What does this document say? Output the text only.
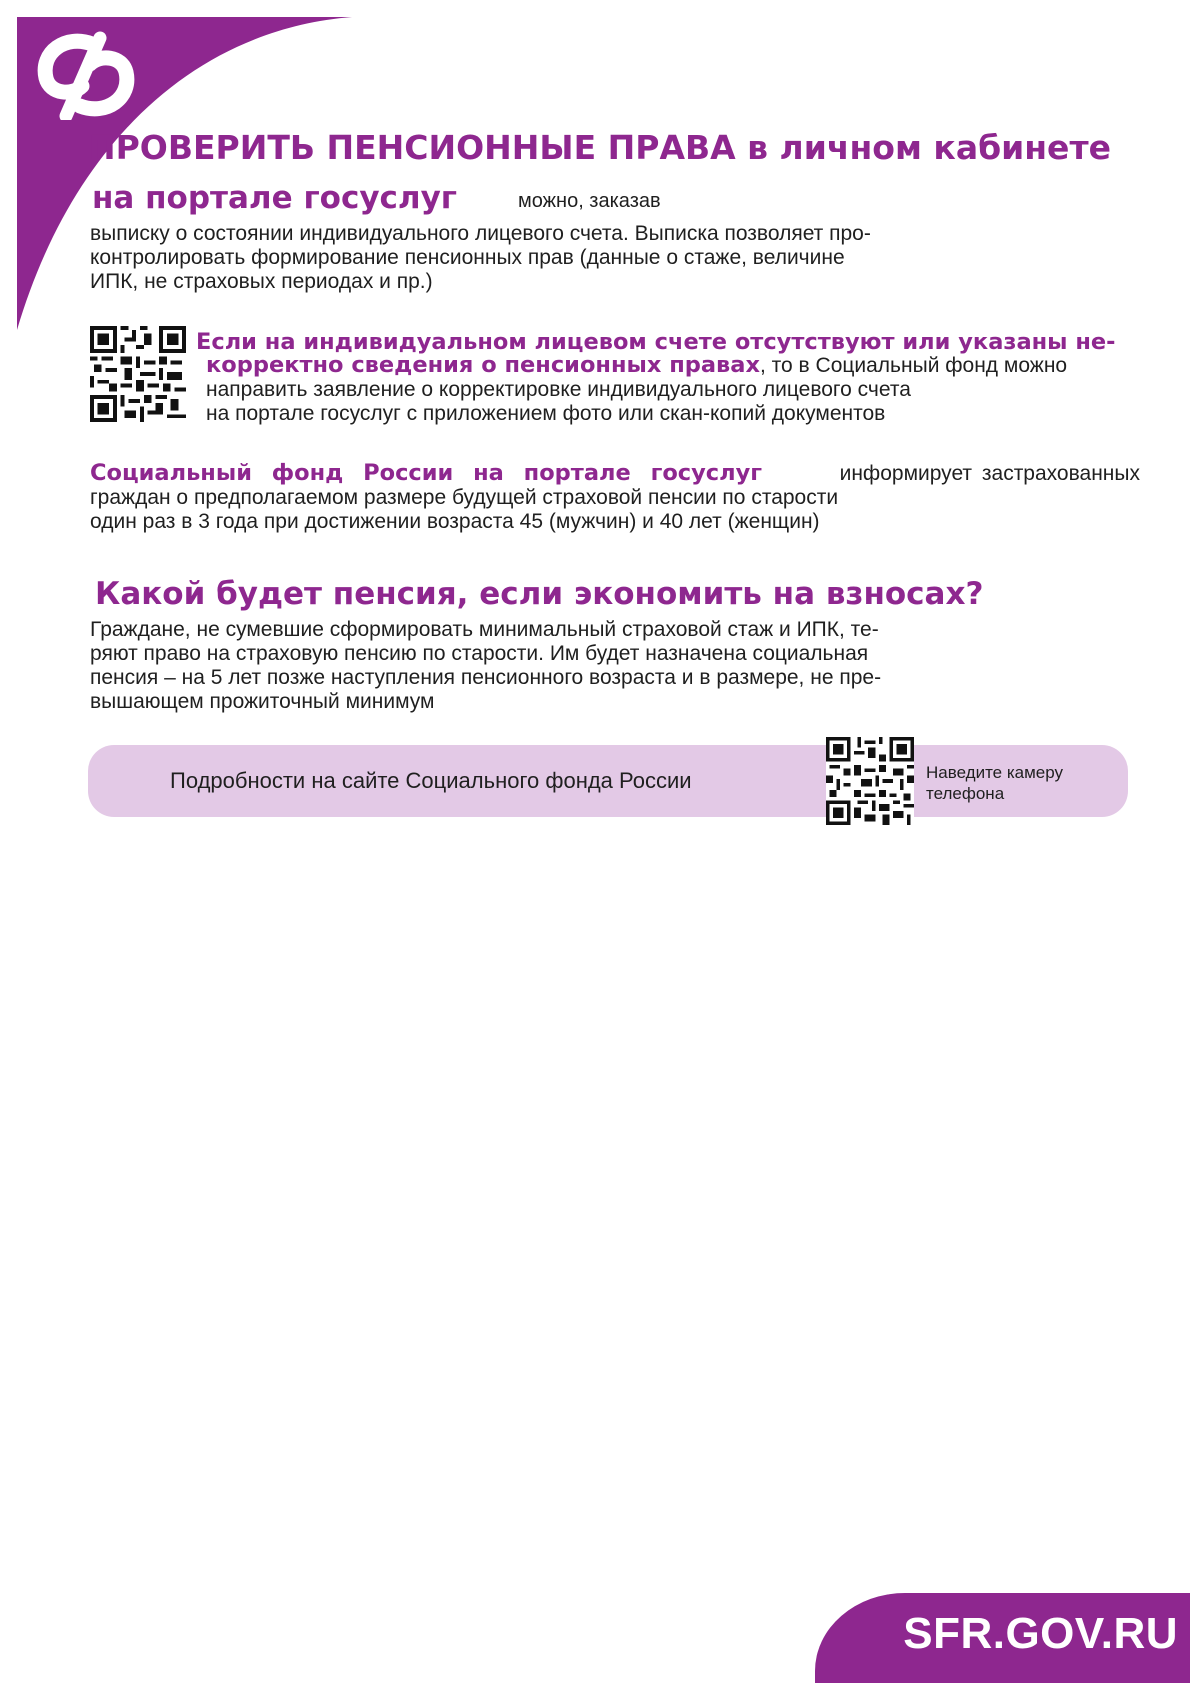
ПРОВЕРИТЬ ПЕНСИОННЫЕ ПРАВА в личном кабинете
на портале госуслуг	можно, заказав
выписку о состоянии индивидуального лицевого счета. Выписка позволяет про-
контролировать формирование пенсионных прав (данные о стаже, величине
ИПК, не страховых периодах и пр.)
Если на индивидуальном лицевом счете отсутствуют или указаны не-
корректно сведения о пенсионных правах, то в Социальный фонд можно
направить заявление о корректировке индивидуального лицевого счета
на портале госуслуг с приложением фото или скан-копий документов
Социальный фонд России на портале госуслуг	информирует застрахованных
граждан о предполагаемом размере будущей страховой пенсии по старости
один раз в 3 года при достижении возраста 45 (мужчин) и 40 лет (женщин)
Какой будет пенсия, если экономить на взносах?
Граждане, не сумевшие сформировать минимальный страховой стаж и ИПК, те-
ряют право на страховую пенсию по старости. Им будет назначена социальная
пенсия – на 5 лет позже наступления пенсионного возраста и в размере, не пре-
вышающем прожиточный минимум
Подробности на сайте Социального фонда России	Наведите камеру
телефона
SFR.GOV.RU
